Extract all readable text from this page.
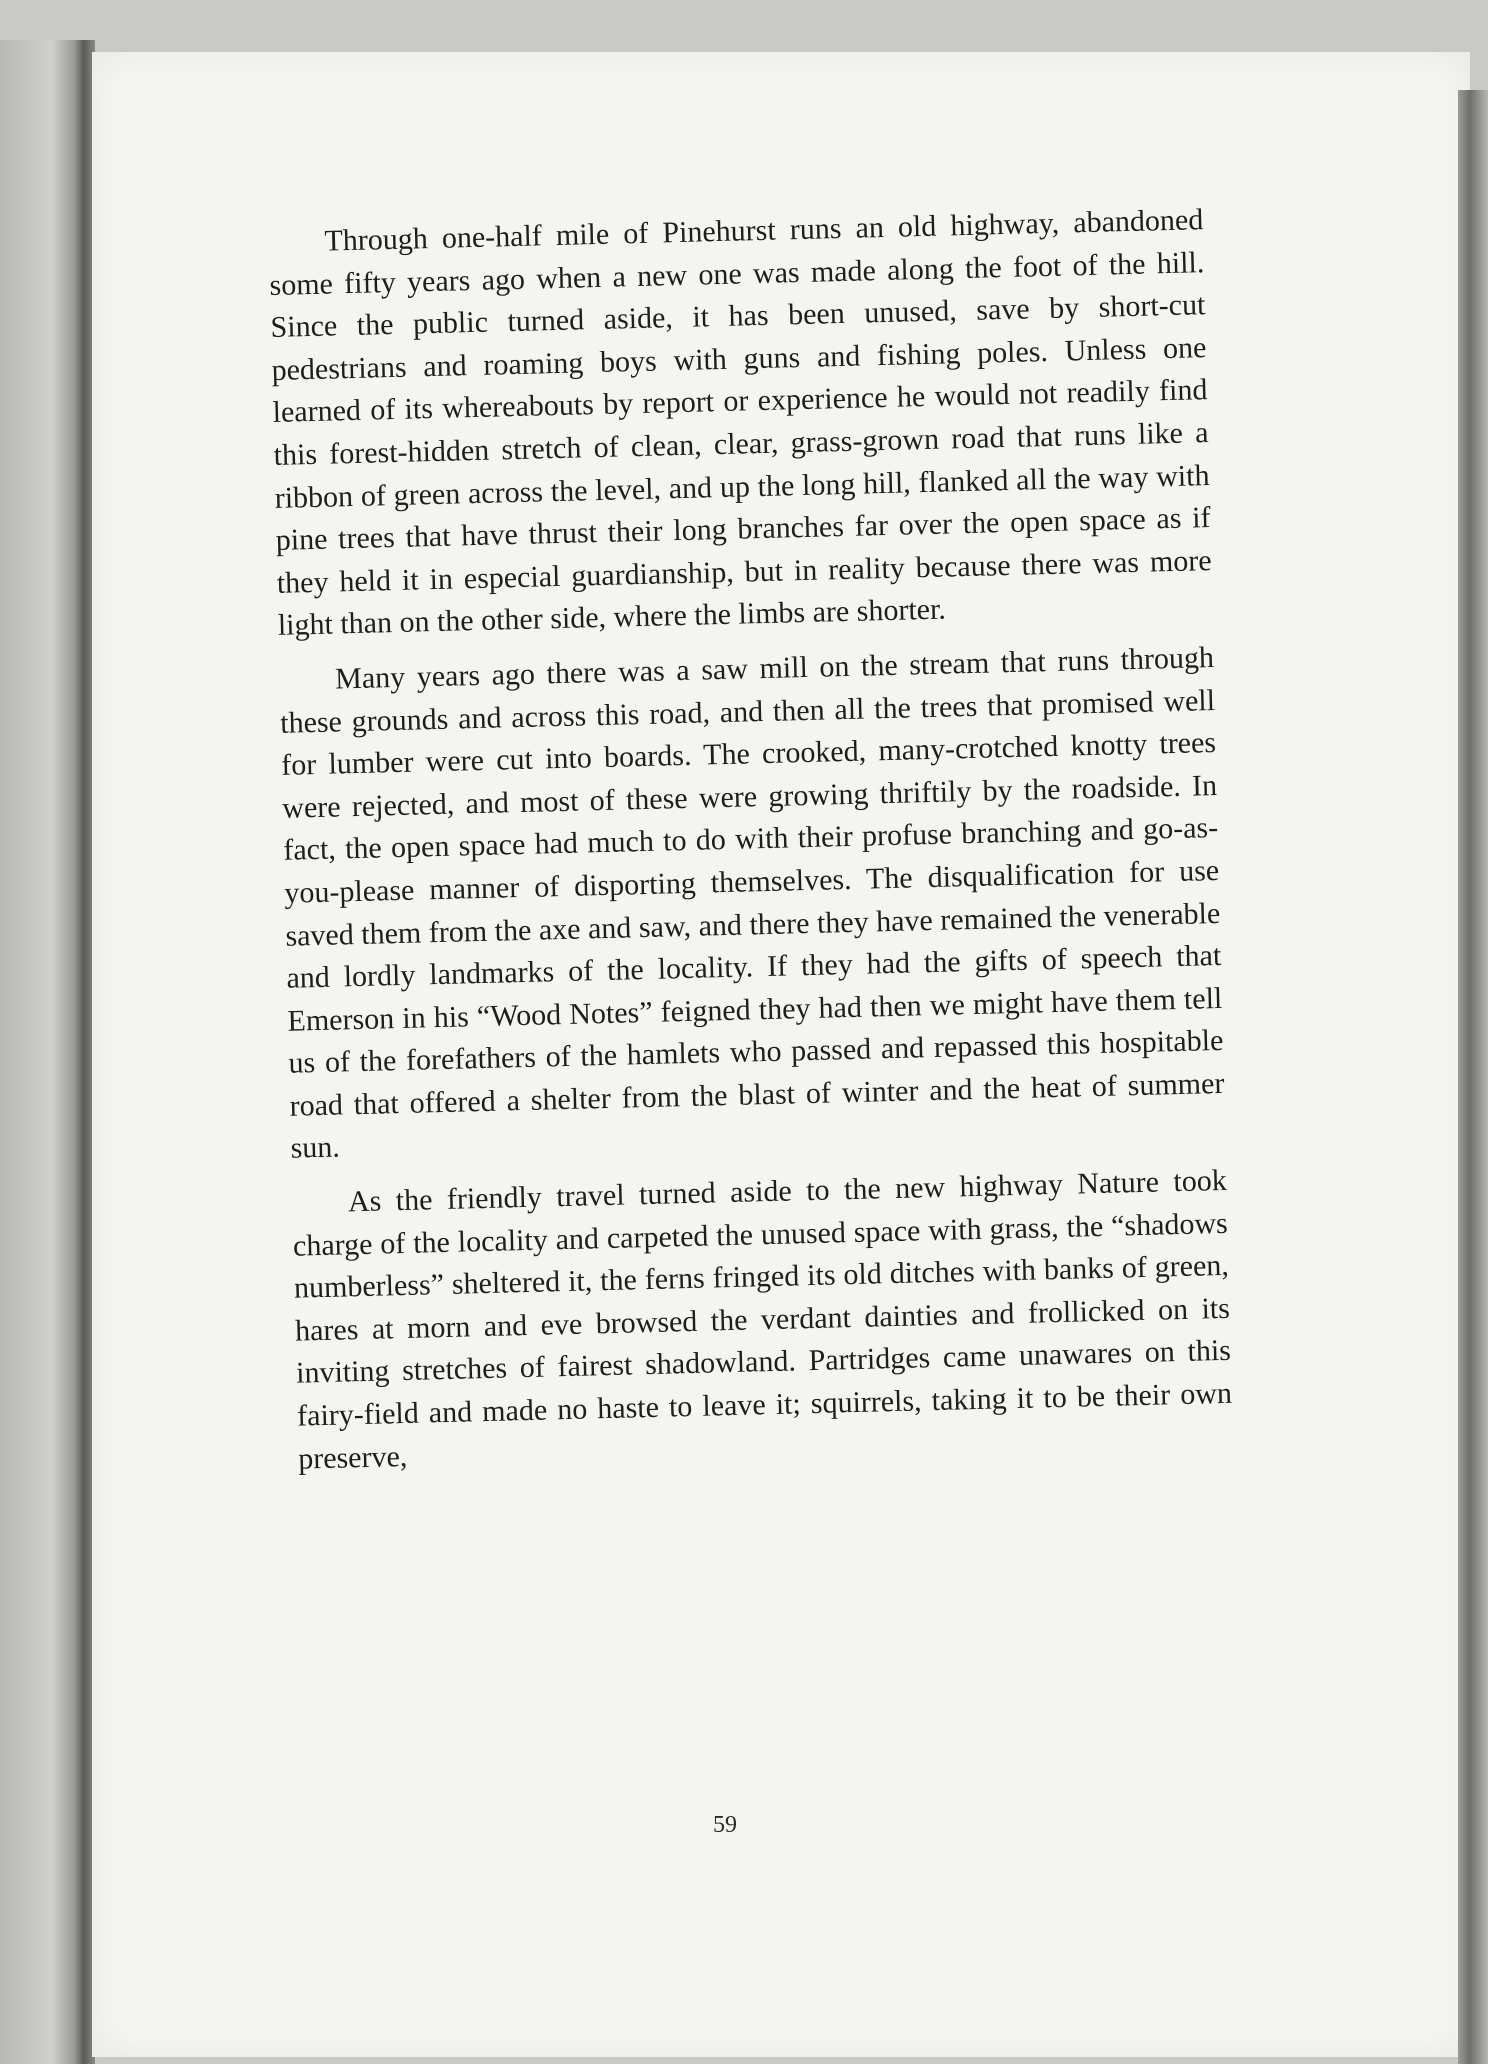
Through one-half mile of Pinehurst runs an old highway, abandoned some fifty years ago when a new one was made along the foot of the hill. Since the public turned aside, it has been unused, save by short-cut pedestrians and roaming boys with guns and fishing poles. Unless one learned of its whereabouts by report or experience he would not readily find this forest-hidden stretch of clean, clear, grass-grown road that runs like a ribbon of green across the level, and up the long hill, flanked all the way with pine trees that have thrust their long branches far over the open space as if they held it in especial guardianship, but in reality because there was more light than on the other side, where the limbs are shorter.

Many years ago there was a saw mill on the stream that runs through these grounds and across this road, and then all the trees that promised well for lumber were cut into boards. The crooked, many-crotched knotty trees were rejected, and most of these were growing thriftily by the roadside. In fact, the open space had much to do with their profuse branching and go-as-you-please manner of disporting themselves. The disqualification for use saved them from the axe and saw, and there they have remained the venerable and lordly landmarks of the locality. If they had the gifts of speech that Emerson in his “Wood Notes” feigned they had then we might have them tell us of the forefathers of the hamlets who passed and repassed this hospitable road that offered a shelter from the blast of winter and the heat of summer sun.

As the friendly travel turned aside to the new highway Nature took charge of the locality and carpeted the unused space with grass, the “shadows numberless” sheltered it, the ferns fringed its old ditches with banks of green, hares at morn and eve browsed the verdant dainties and frollicked on its inviting stretches of fairest shadowland. Partridges came unawares on this fairy-field and made no haste to leave it; squirrels, taking it to be their own preserve,

59
